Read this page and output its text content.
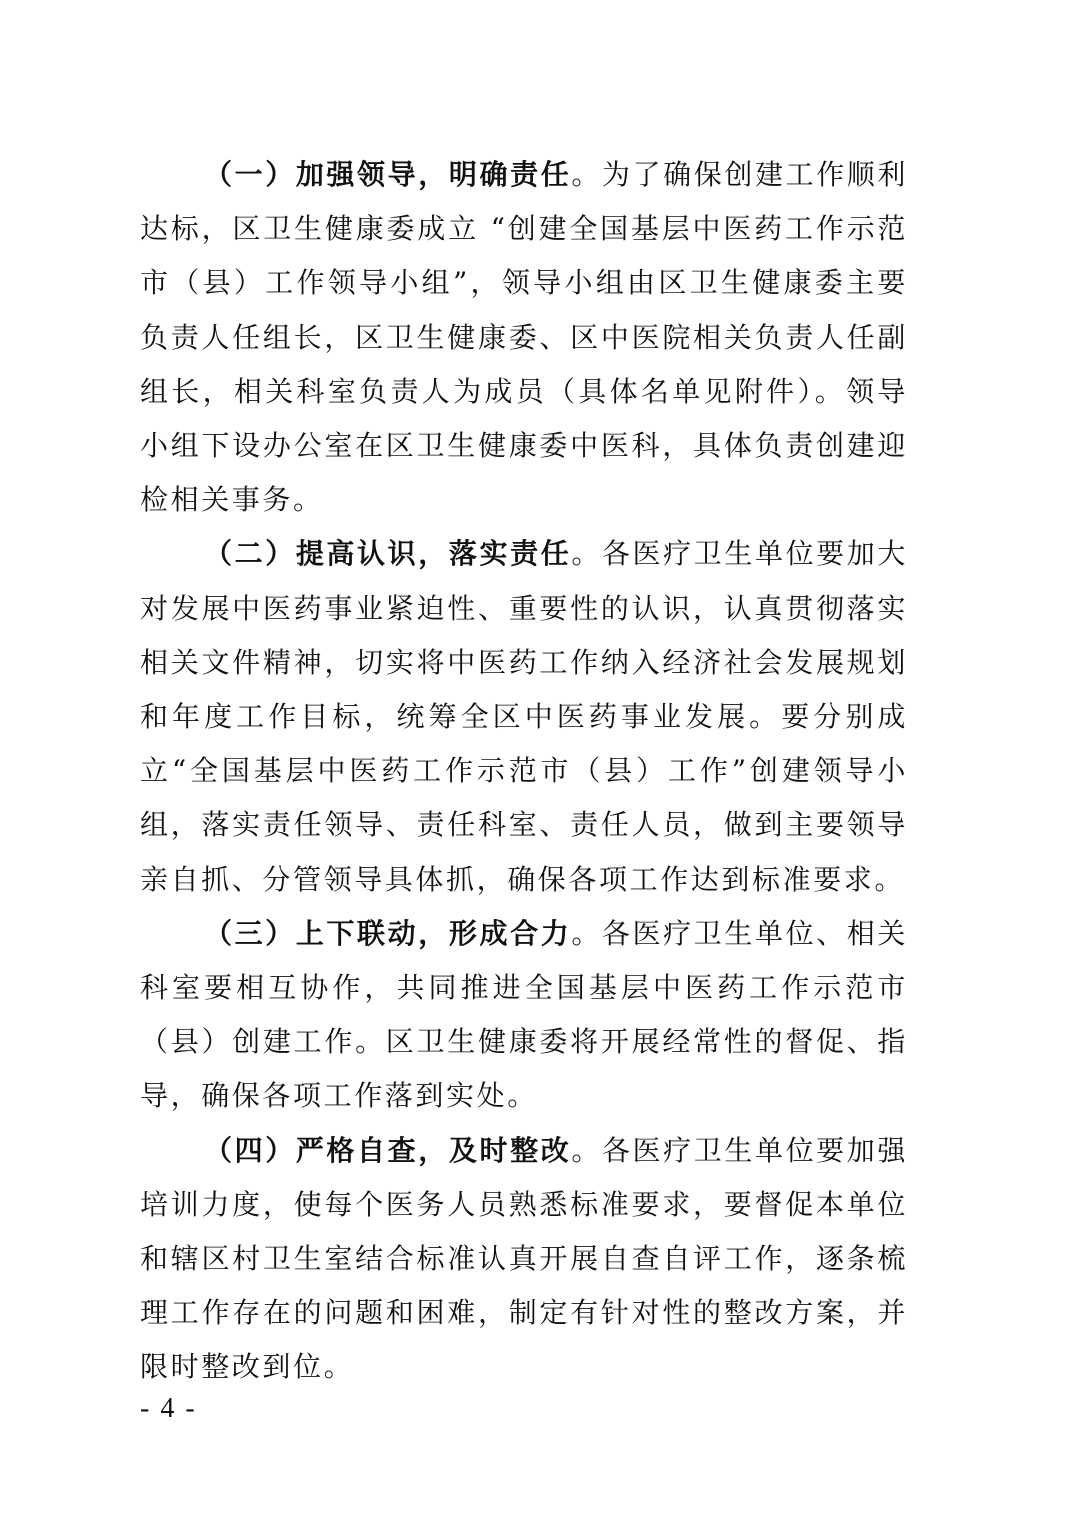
（一）加强领导，明确责任。为了确保创建工作顺利达标，区卫生健康委成立 “创建全国基层中医药工作示范市（县）工作领导小组”，领导小组由区卫生健康委主要负责人任组长，区卫生健康委、区中医院相关负责人任副组长，相关科室负责人为成员（具体名单见附件）。领导小组下设办公室在区卫生健康委中医科，具体负责创建迎检相关事务。

（二）提高认识，落实责任。各医疗卫生单位要加大对发展中医药事业紧迫性、重要性的认识，认真贯彻落实相关文件精神，切实将中医药工作纳入经济社会发展规划和年度工作目标，统筹全区中医药事业发展。要分别成立“全国基层中医药工作示范市（县）工作”创建领导小组，落实责任领导、责任科室、责任人员，做到主要领导亲自抓、分管领导具体抓，确保各项工作达到标准要求。

（三）上下联动，形成合力。各医疗卫生单位、相关科室要相互协作，共同推进全国基层中医药工作示范市（县）创建工作。区卫生健康委将开展经常性的督促、指导，确保各项工作落到实处。

（四）严格自查，及时整改。各医疗卫生单位要加强培训力度，使每个医务人员熟悉标准要求，要督促本单位和辖区村卫生室结合标准认真开展自查自评工作，逐条梳理工作存在的问题和困难，制定有针对性的整改方案，并限时整改到位。

- 4 -
